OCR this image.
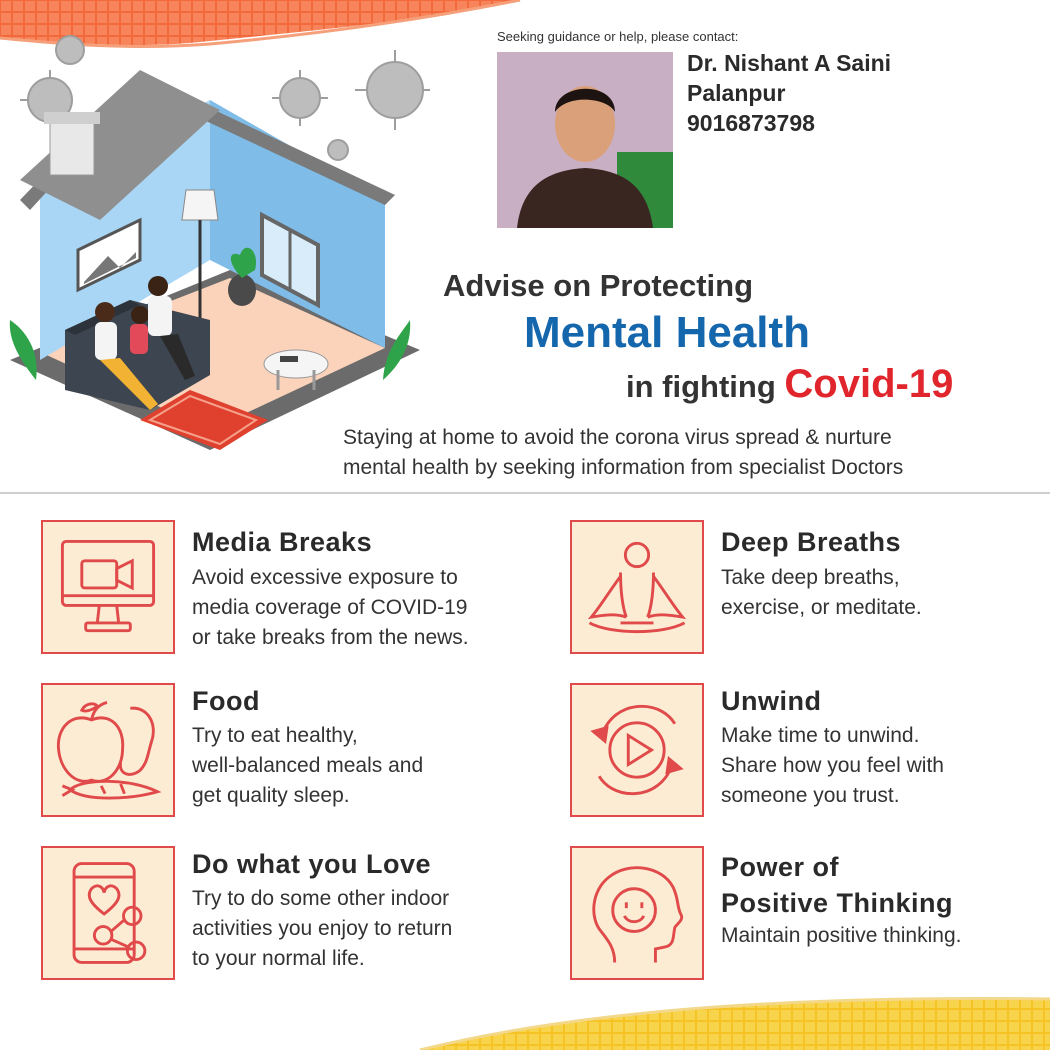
Seeking guidance or help, please contact:
Dr. Nishant A Saini
Palanpur
9016873798
Advise on Protecting
Mental Health
in fighting Covid-19
Staying at home to avoid the corona virus spread & nurture
mental health by seeking information from specialist Doctors
Media Breaks
Avoid excessive exposure to
media coverage of COVID-19
or take breaks from the news.
Deep Breaths
Take deep breaths,
exercise, or meditate.
Food
Try to eat healthy,
well-balanced meals and
get quality sleep.
Unwind
Make time to unwind.
Share how you feel with
someone you trust.
Do what you Love
Try to do some other indoor
activities you enjoy to return
to your normal life.
Power of
Positive Thinking
Maintain positive thinking.
